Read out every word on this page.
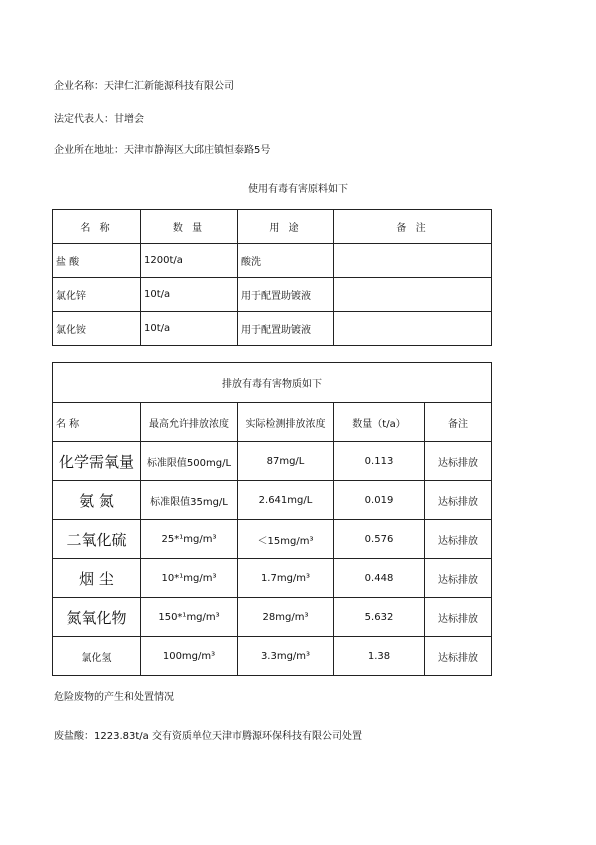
企业名称：天津仁汇新能源科技有限公司
法定代表人：甘增会
企业所在地址：天津市静海区大邱庄镇恒泰路5号
使用有毒有害原料如下
名 称	数 量	用 途	备 注
盐 酸	1200t/a	酸洗	
氯化锌	10t/a	用于配置助镀液	
氯化铵	10t/a	用于配置助镀液	
排放有毒有害物质如下				
名 称	最高允许排放浓度	实际检测排放浓度	数量（t/a）	备注
化学需氧量	标准限值500mg/L	87mg/L	0.113	达标排放
氨 氮	标准限值35mg/L	2.641mg/L	0.019	达标排放
二氧化硫	25*¹mg/m³	＜15mg/m³	0.576	达标排放
烟 尘	10*¹mg/m³	1.7mg/m³	0.448	达标排放
氮氧化物	150*¹mg/m³	28mg/m³	5.632	达标排放
氯化氢	100mg/m³	3.3mg/m³	1.38	达标排放
危险废物的产生和处置情况
废盐酸：1223.83t/a 交有资质单位天津市腾源环保科技有限公司处置
